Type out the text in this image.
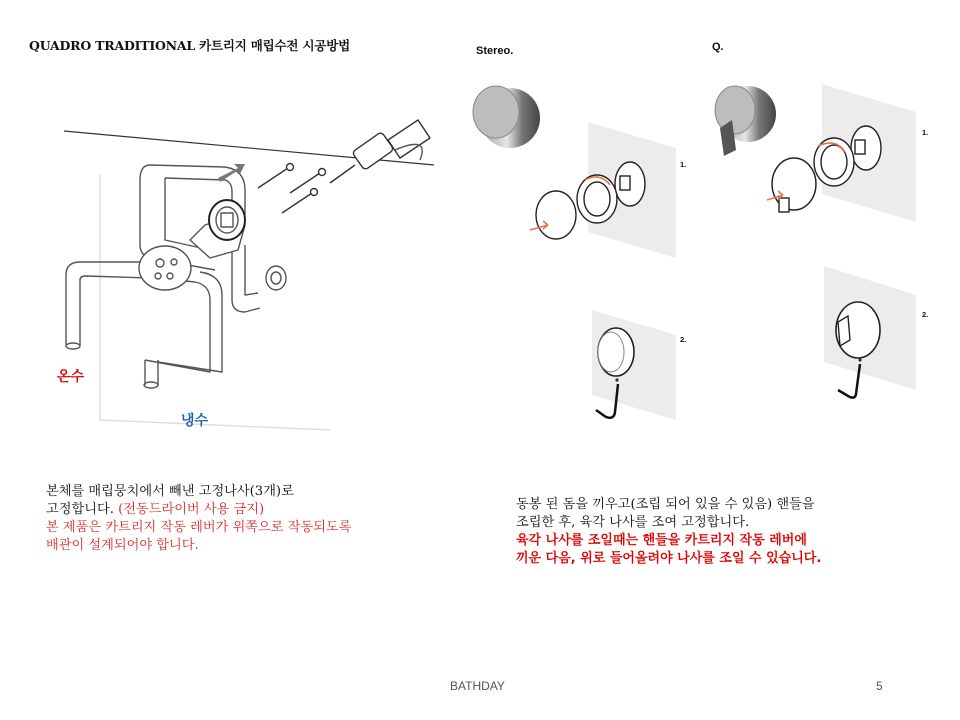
QUADRO TRADITIONAL 카트리지 매립수전 시공방법
온수
냉수
Stereo.	Q.
1.
2.
1.
2.
본체를 매립뭉치에서 빼낸 고정나사(3개)로
고정합니다. (전동드라이버 사용 금지)
본 제품은 카트리지 작동 레버가 위쪽으로 작동되도록
배관이 설계되어야 합니다.
동봉 된 돔을 끼우고(조립 되어 있을 수 있음) 핸들을
조립한 후, 육각 나사를 조여 고정합니다.
육각 나사를 조일때는 핸들을 카트리지 작동 레버에
끼운 다음, 위로 들어올려야 나사를 조일 수 있습니다.
BATHDAY	5
